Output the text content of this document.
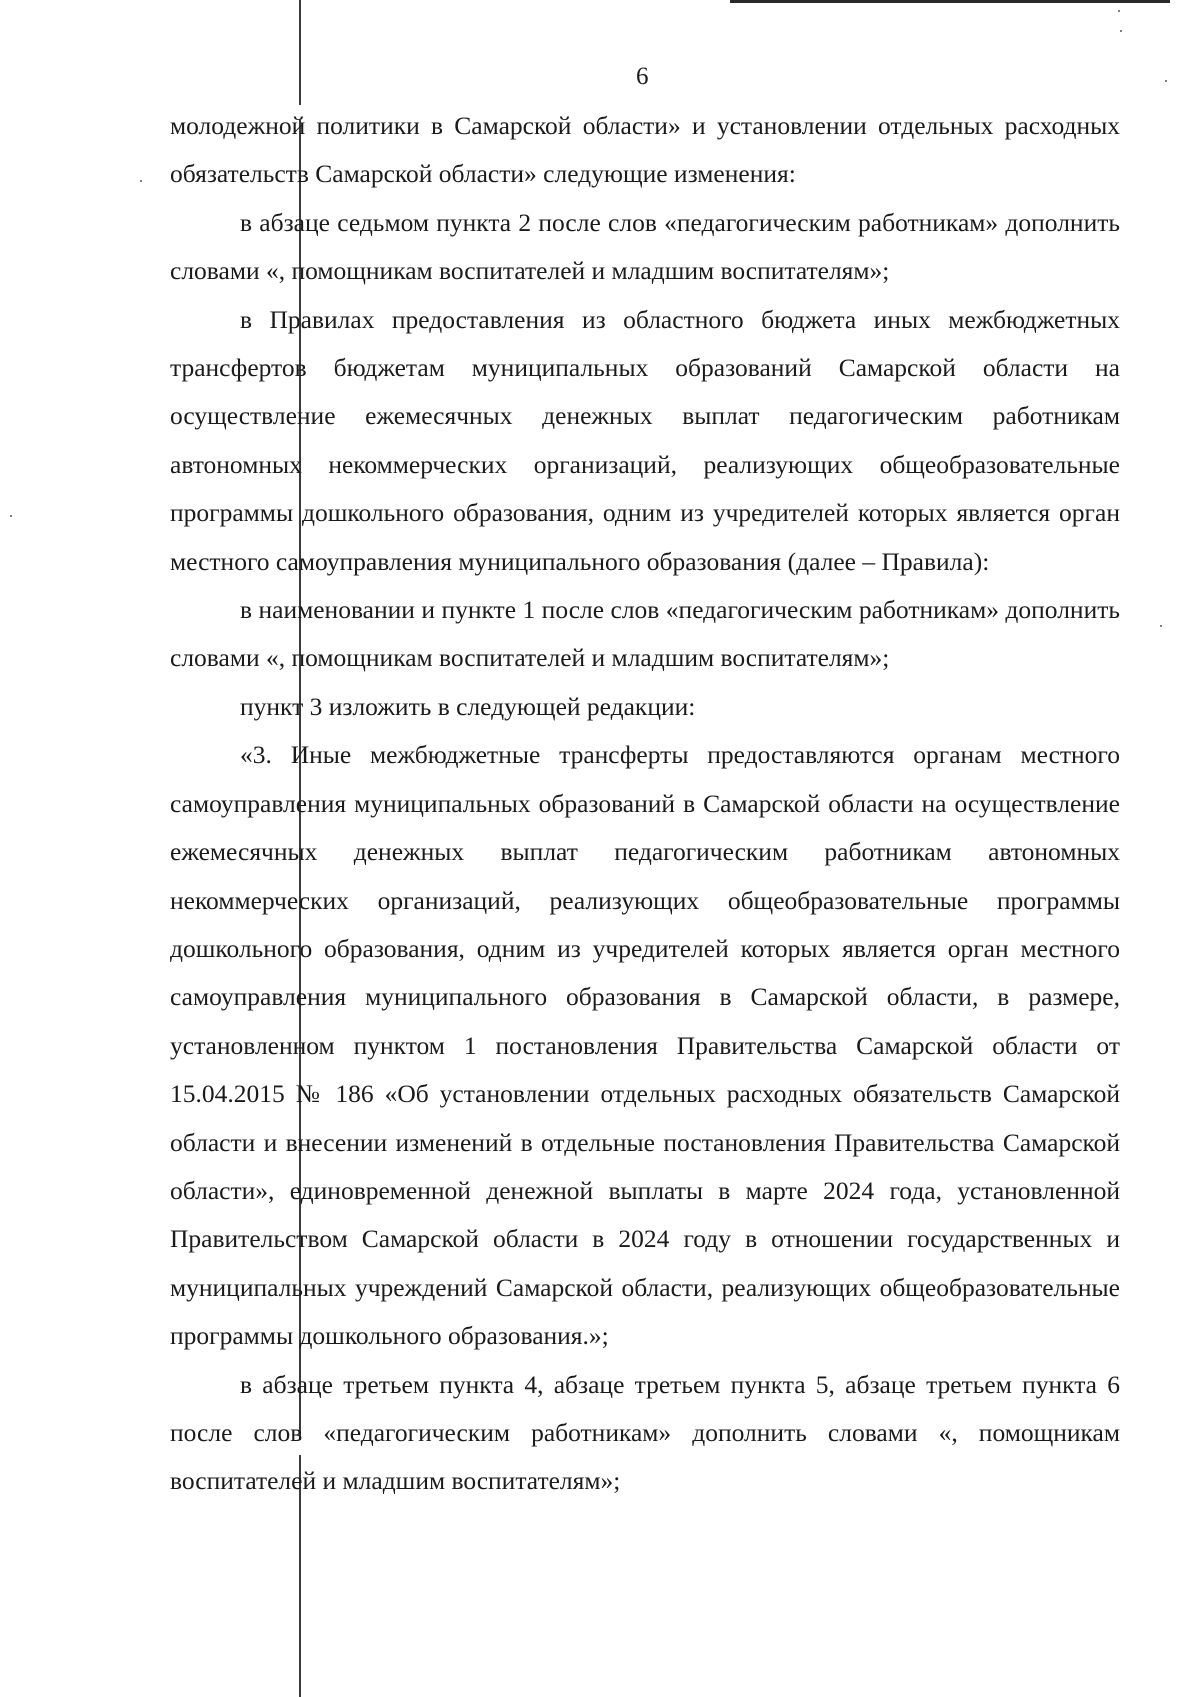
6

молодежной политики в Самарской области» и установлении отдельных расходных обязательств Самарской области» следующие изменения:

в абзаце седьмом пункта 2 после слов «педагогическим работникам» дополнить словами «, помощникам воспитателей и младшим воспитателям»;

в Правилах предоставления из областного бюджета иных межбюджетных трансфертов бюджетам муниципальных образований Самарской области на осуществление ежемесячных денежных выплат педагогическим работникам автономных некоммерческих организаций, реализующих общеобразовательные программы дошкольного образования, одним из учредителей которых является орган местного самоуправления муниципального образования (далее – Правила):

в наименовании и пункте 1 после слов «педагогическим работникам» дополнить словами «, помощникам воспитателей и младшим воспитателям»;

пункт 3 изложить в следующей редакции:

«3. Иные межбюджетные трансферты предоставляются органам местного самоуправления муниципальных образований в Самарской области на осуществление ежемесячных денежных выплат педагогическим работникам автономных некоммерческих организаций, реализующих общеобразовательные программы дошкольного образования, одним из учредителей которых является орган местного самоуправления муниципального образования в Самарской области, в размере, установленном пунктом 1 постановления Правительства Самарской области от 15.04.2015 № 186 «Об установлении отдельных расходных обязательств Самарской области и внесении изменений в отдельные постановления Правительства Самарской области», единовременной денежной выплаты в марте 2024 года, установленной Правительством Самарской области в 2024 году в отношении государственных и муниципальных учреждений Самарской области, реализующих общеобразовательные программы дошкольного образования.»;

в абзаце третьем пункта 4, абзаце третьем пункта 5, абзаце третьем пункта 6 после слов «педагогическим работникам» дополнить словами «, помощникам воспитателей и младшим воспитателям»;
